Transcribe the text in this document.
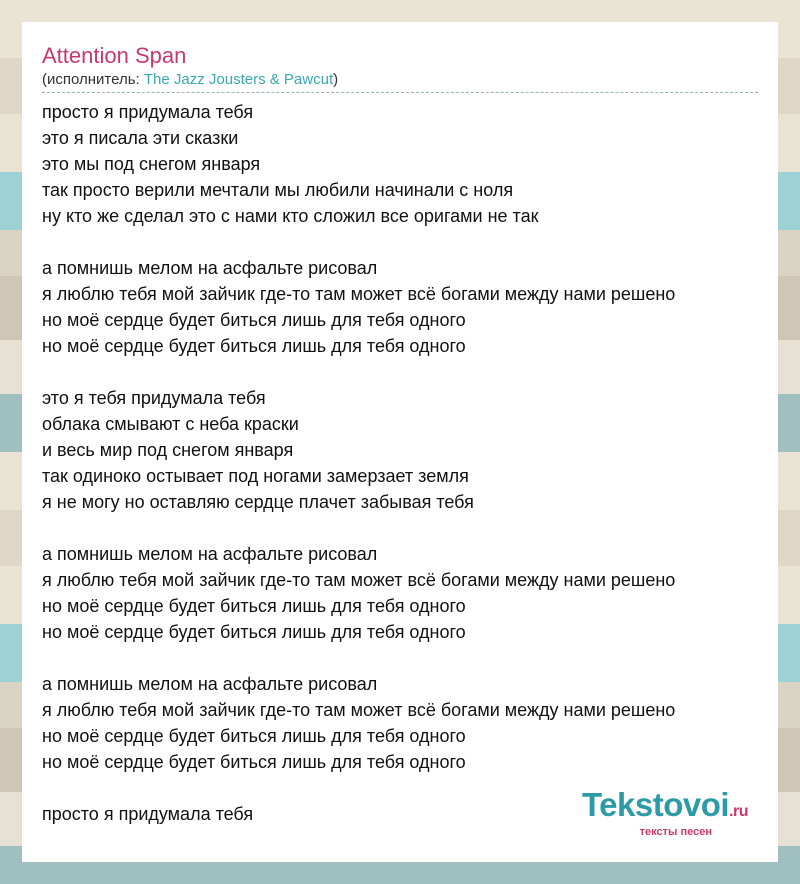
Attention Span
(исполнитель: The Jazz Jousters & Pawcut)
просто я придумала тебя
это я писала эти сказки
это мы под снегом января
так просто верили мечтали мы любили начинали с ноля
ну кто же сделал это с нами кто сложил все оригами не так
а помнишь мелом на асфальте рисовал
я люблю тебя мой зайчик где-то там может всё богами между нами решено
но моё сердце будет биться лишь для тебя одного
но моё сердце будет биться лишь для тебя одного
это я тебя придумала тебя
облака смывают с неба краски
и весь мир под снегом января
так одиноко остывает под ногами замерзает земля
я не могу но оставляю сердце плачет забывая тебя
а помнишь мелом на асфальте рисовал
я люблю тебя мой зайчик где-то там может всё богами между нами решено
но моё сердце будет биться лишь для тебя одного
но моё сердце будет биться лишь для тебя одного
а помнишь мелом на асфальте рисовал
я люблю тебя мой зайчик где-то там может всё богами между нами решено
но моё сердце будет биться лишь для тебя одного
но моё сердце будет биться лишь для тебя одного
просто я придумала тебя	Tekstovoi.ru
тексты песен
